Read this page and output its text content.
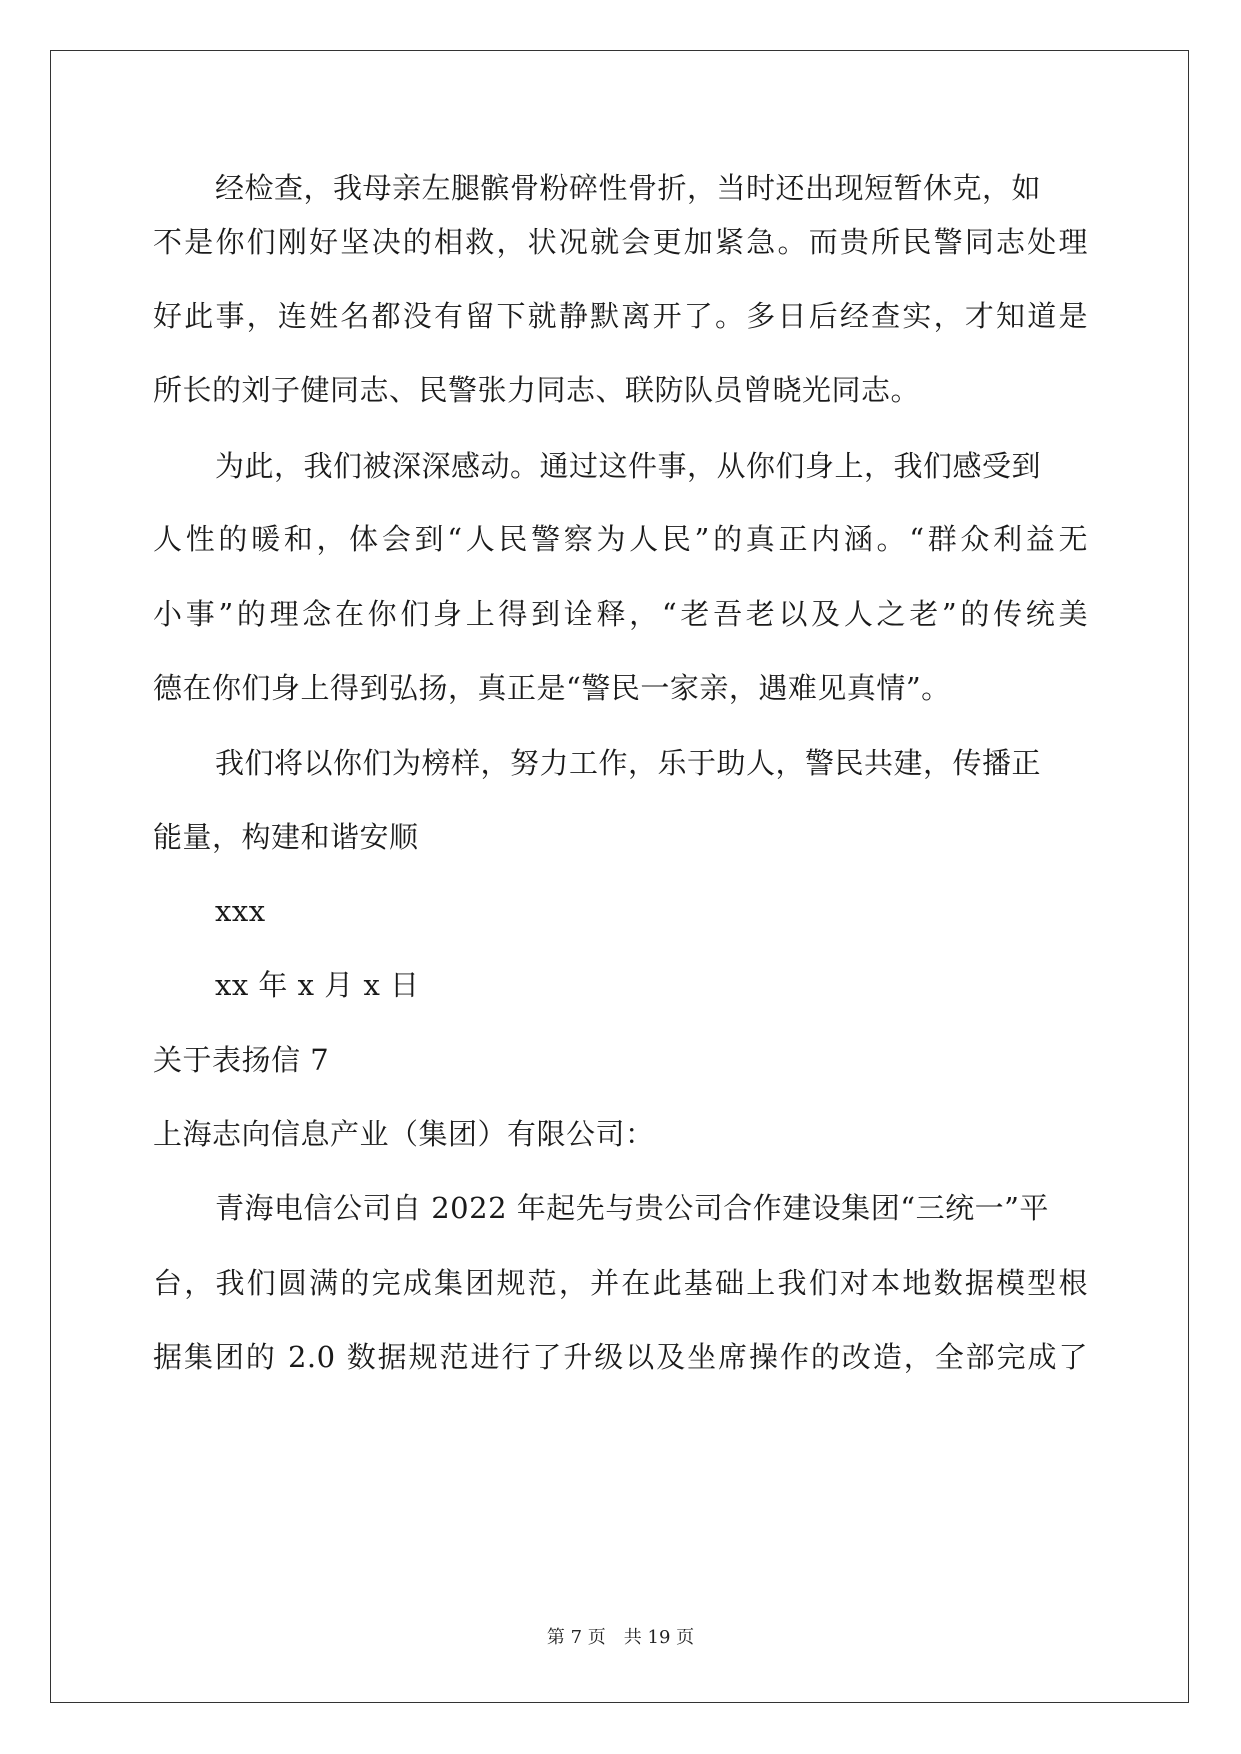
经检查，我母亲左腿髌骨粉碎性骨折，当时还出现短暂休克，如
不是你们刚好坚决的相救，状况就会更加紧急。而贵所民警同志处理
好此事，连姓名都没有留下就静默离开了。多日后经查实，才知道是
所长的刘子健同志、民警张力同志、联防队员曾晓光同志。
为此，我们被深深感动。通过这件事，从你们身上，我们感受到
人性的暖和，体会到“人民警察为人民”的真正内涵。“群众利益无
小事”的理念在你们身上得到诠释，“老吾老以及人之老”的传统美
德在你们身上得到弘扬，真正是“警民一家亲，遇难见真情”。
我们将以你们为榜样，努力工作，乐于助人，警民共建，传播正
能量，构建和谐安顺
xxx
xx 年 x 月 x 日
关于表扬信 7
上海志向信息产业（集团）有限公司：
青海电信公司自 2022 年起先与贵公司合作建设集团“三统一”平
台，我们圆满的完成集团规范，并在此基础上我们对本地数据模型根
据集团的 2.0 数据规范进行了升级以及坐席操作的改造，全部完成了
第 7 页　共 19 页
